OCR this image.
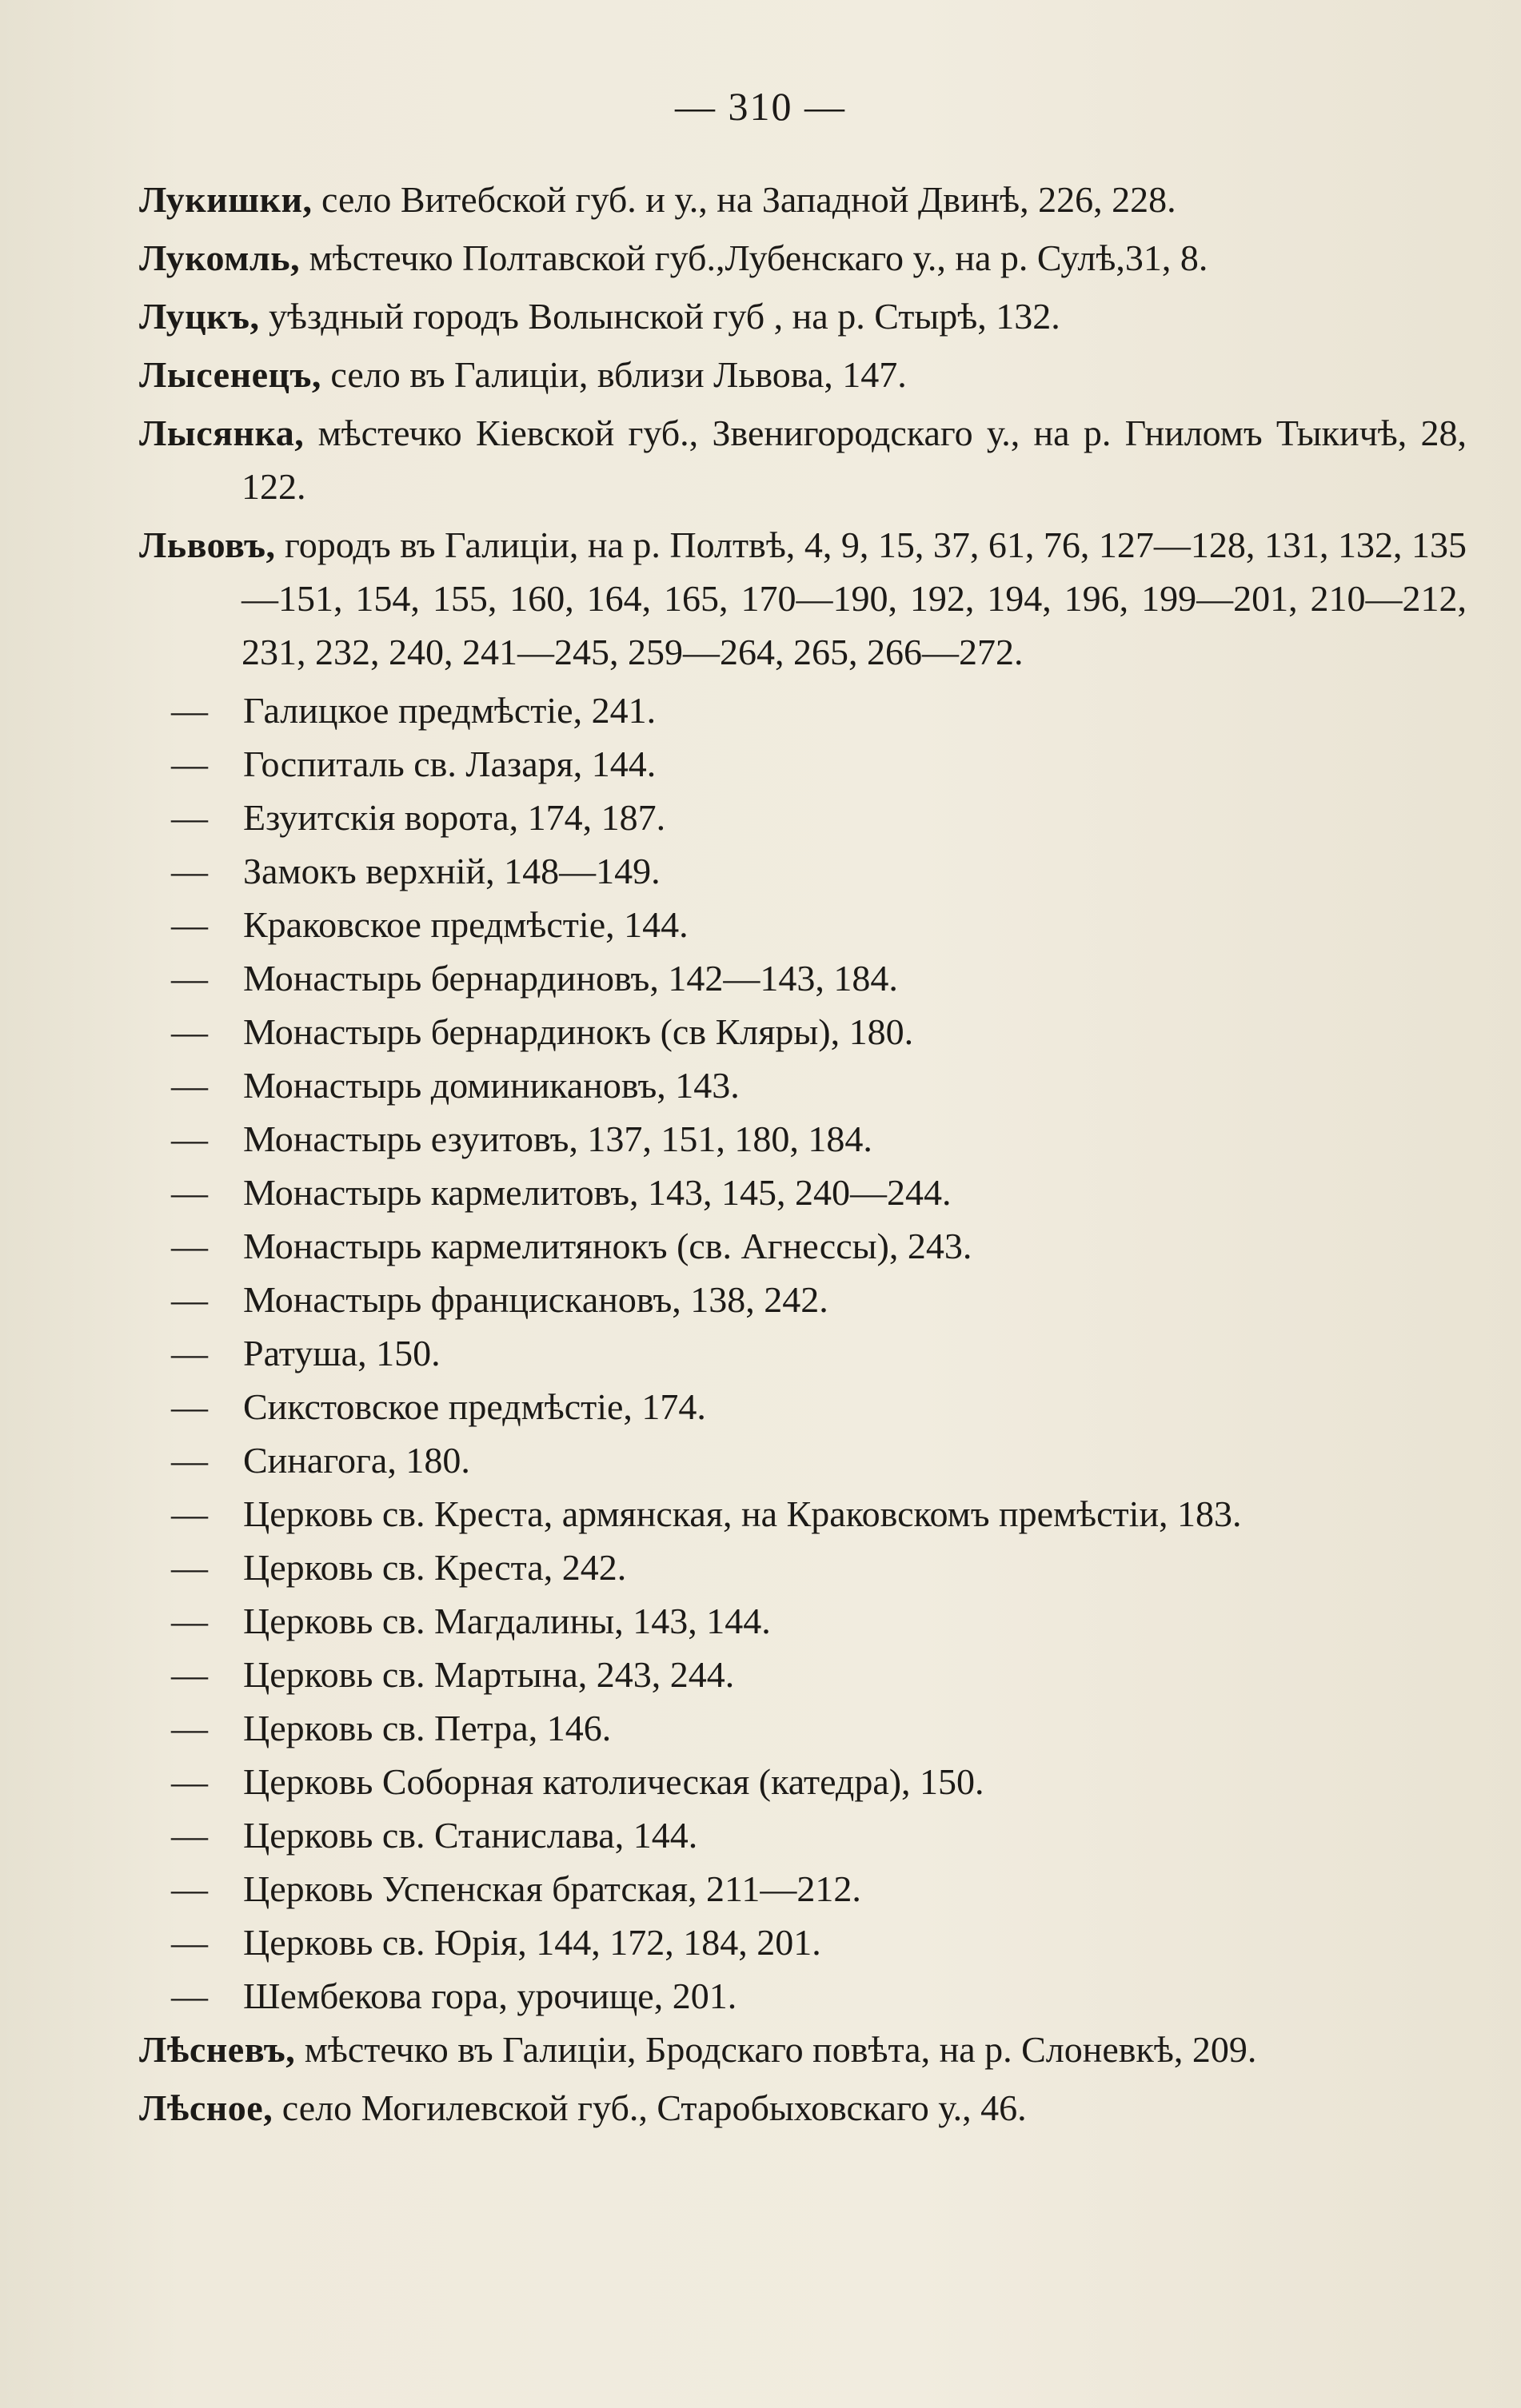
— 310 —
Лукишки, село Витебской губ. и у., на Западной Двинѣ, 226, 228.
Лукомль, мѣстечко Полтавской губ.,Лубенскаго у., на р. Сулѣ,31, 8.
Луцкъ, уѣздный городъ Волынской губ , на р. Стырѣ, 132.
Лысенецъ, село въ Галиціи, вблизи Львова, 147.
Лысянка, мѣстечко Кіевской губ., Звенигородскаго у., на р. Гниломъ Тыкичѣ, 28, 122.
Львовъ, городъ въ Галиціи, на р. Полтвѣ, 4, 9, 15, 37, 61, 76, 127—128, 131, 132, 135—151, 154, 155, 160, 164, 165, 170—190, 192, 194, 196, 199—201, 210—212, 231, 232, 240, 241—245, 259—264, 265, 266—272.
— Галицкое предмѣстіе, 241.
— Госпиталь св. Лазаря, 144.
— Езуитскія ворота, 174, 187.
— Замокъ верхній, 148—149.
— Краковское предмѣстіе, 144.
— Монастырь бернардиновъ, 142—143, 184.
— Монастырь бернардинокъ (св Кляры), 180.
— Монастырь доминикановъ, 143.
— Монастырь езуитовъ, 137, 151, 180, 184.
— Монастырь кармелитовъ, 143, 145, 240—244.
— Монастырь кармелитянокъ (св. Агнессы), 243.
— Монастырь францискановъ, 138, 242.
— Ратуша, 150.
— Сикстовское предмѣстіе, 174.
— Синагога, 180.
— Церковь св. Креста, армянская, на Краковскомъ премѣстіи, 183.
— Церковь св. Креста, 242.
— Церковь св. Магдалины, 143, 144.
— Церковь св. Мартына, 243, 244.
— Церковь св. Петра, 146.
— Церковь Соборная католическая (катедра), 150.
— Церковь св. Станислава, 144.
— Церковь Успенская братская, 211—212.
— Церковь св. Юрія, 144, 172, 184, 201.
— Шембекова гора, урочище, 201.
Лѣсневъ, мѣстечко въ Галиціи, Бродскаго повѣта, на р. Слоневкѣ, 209.
Лѣсное, село Могилевской губ., Старобыховскаго у., 46.
